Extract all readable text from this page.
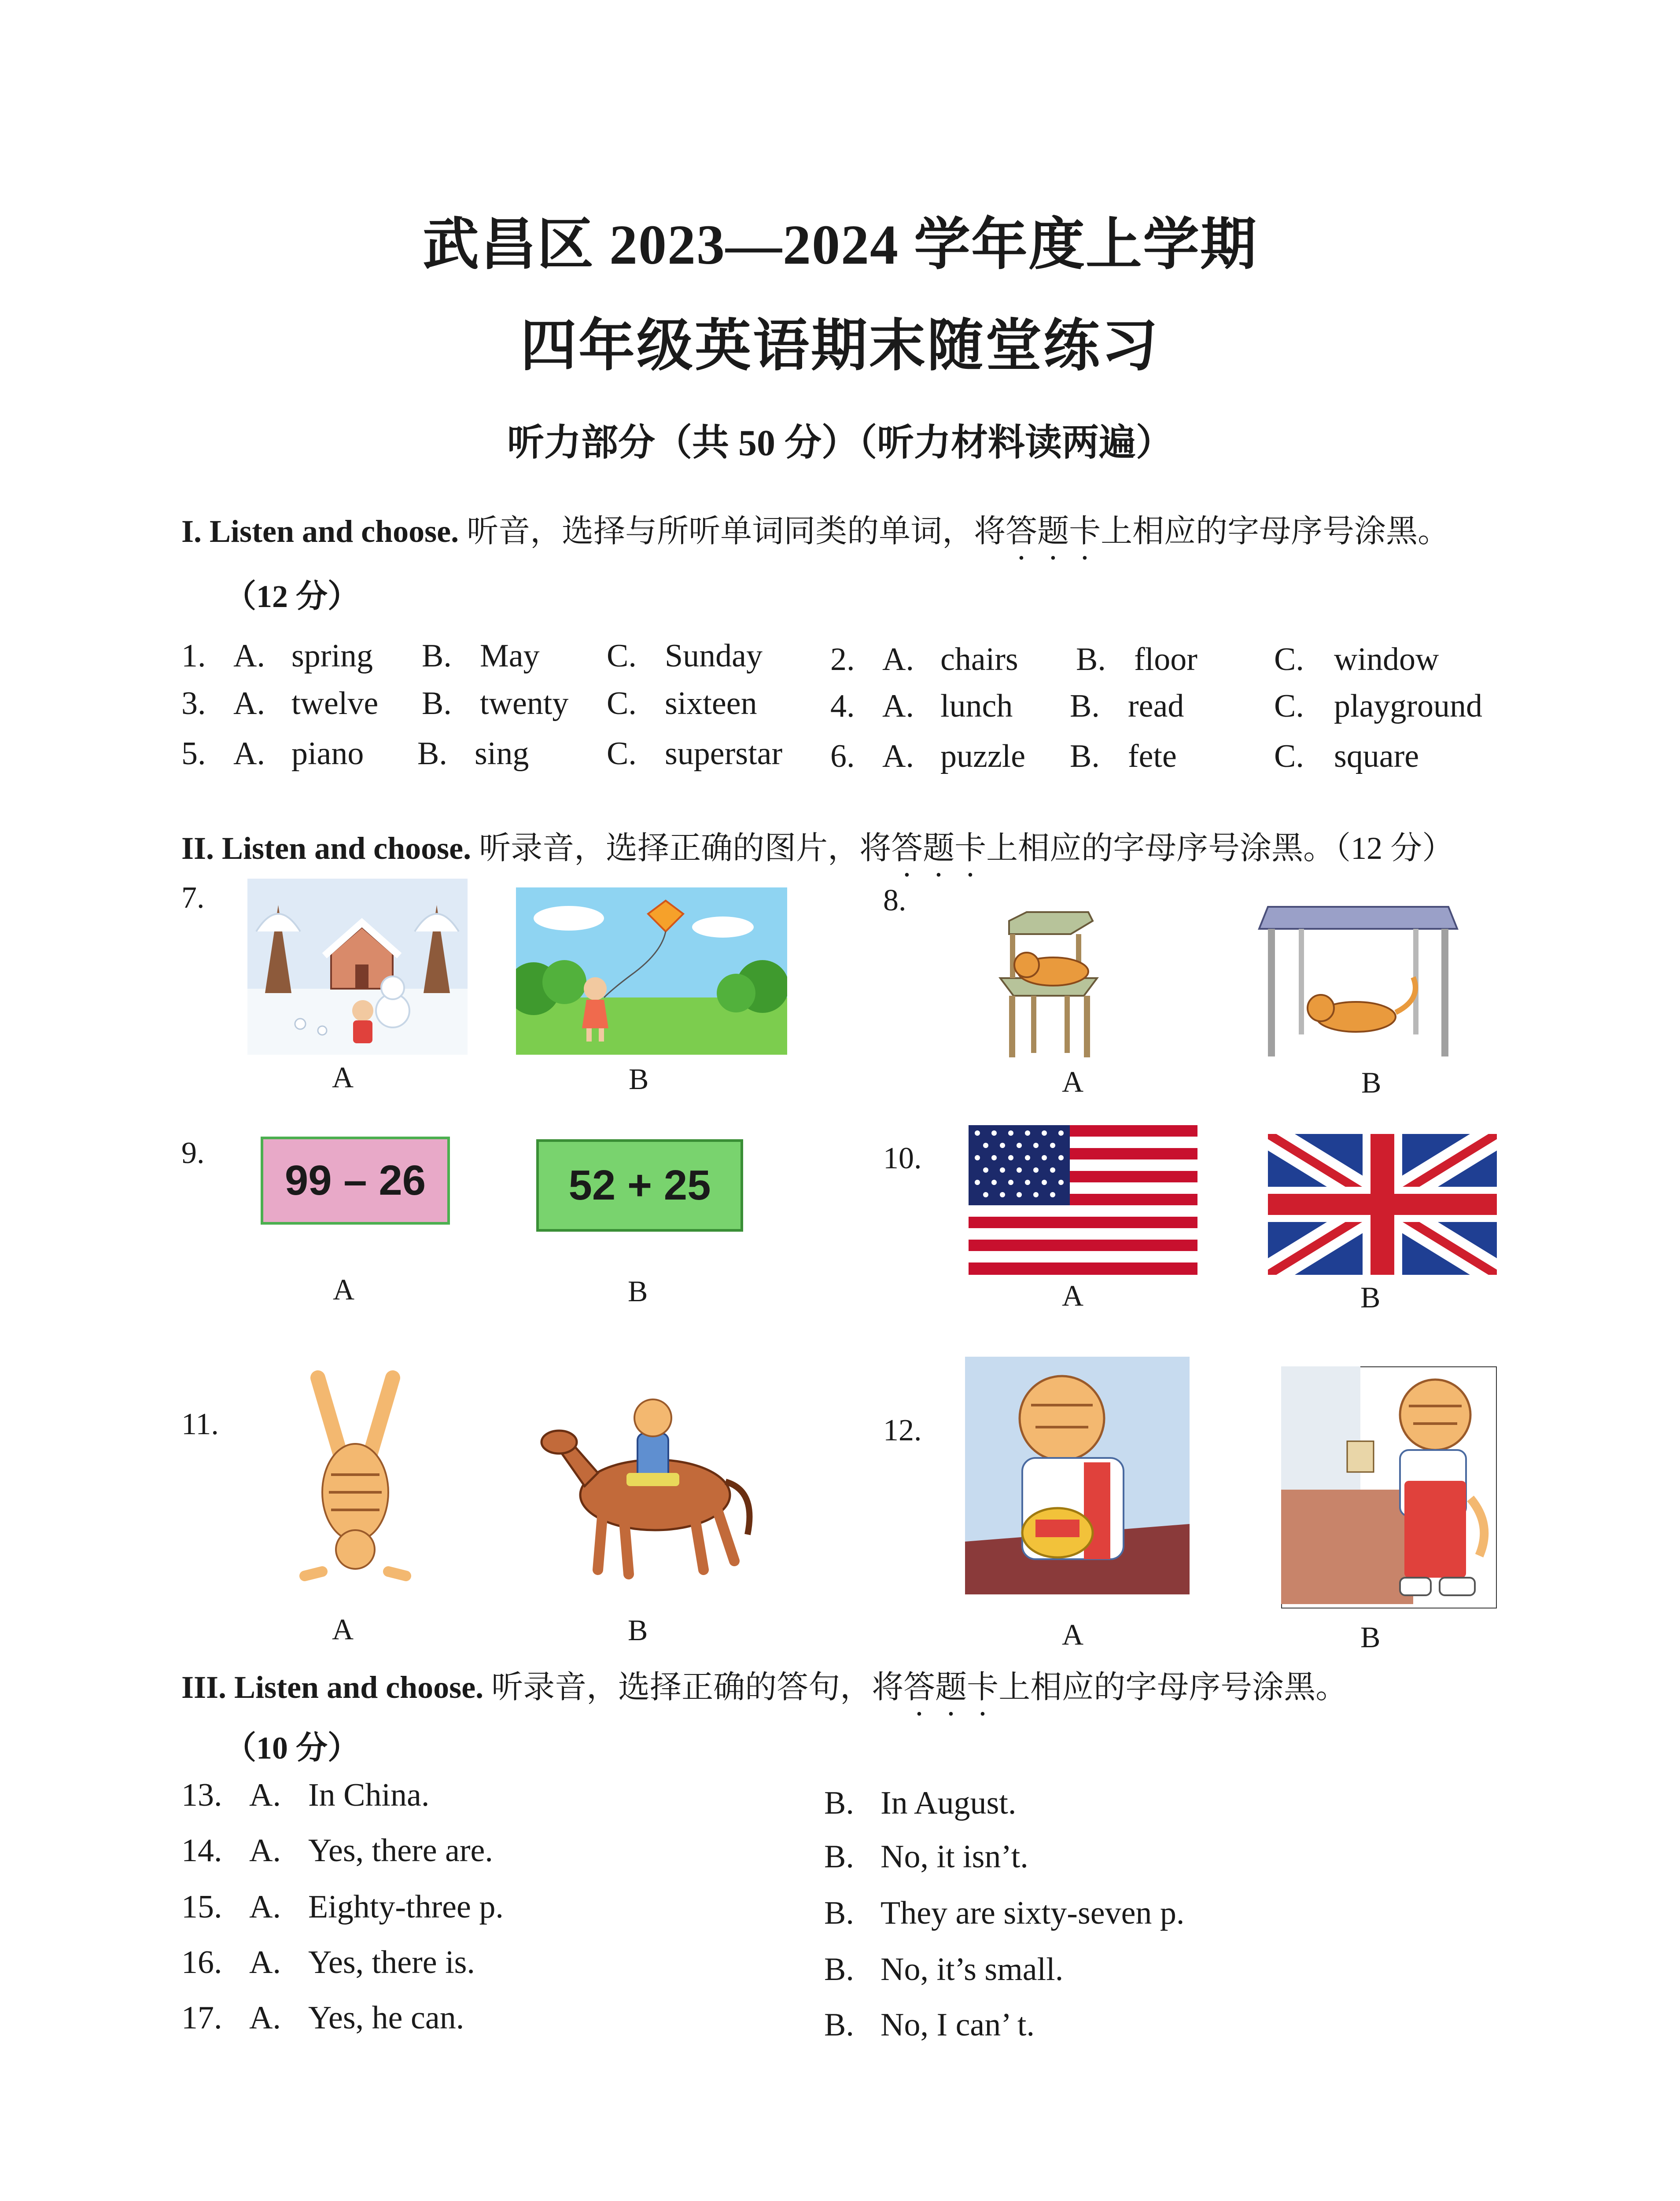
武昌区 2023—2024 学年度上学期
四年级英语期末随堂练习
听力部分（共 50 分）（听力材料读两遍）
I. Listen and choose. 听音，选择与所听单词同类的单词，将答题卡上相应的字母序号涂黑。
（12 分）
1. A. spring B. May C. Sunday 2. A. chairs B. floor C. window
3. A. twelve B. twenty C. sixteen 4. A. lunch B. read	C. playground
5. A. piano B. sing C. superstar 6. A. puzzle B. fete	C. square
II. Listen and choose. 听录音，选择正确的图片，将答题卡上相应的字母序号涂黑。（12 分）
7.
A	B
8.
A	B
9.
99 – 26
A
52 + 25
B
10.
A	B
11.
A	B
12.
A	B
III. Listen and choose. 听录音，选择正确的答句，将答题卡上相应的字母序号涂黑。
（10 分）
13. A. In China.	B. In August.
14. A. Yes, there are.	B. No, it isn’t.
15. A. Eighty-three p.	B. They are sixty-seven p.
16. A. Yes, there is.	B. No, it’s small.
17. A. Yes, he can.	B. No, I can’ t.
